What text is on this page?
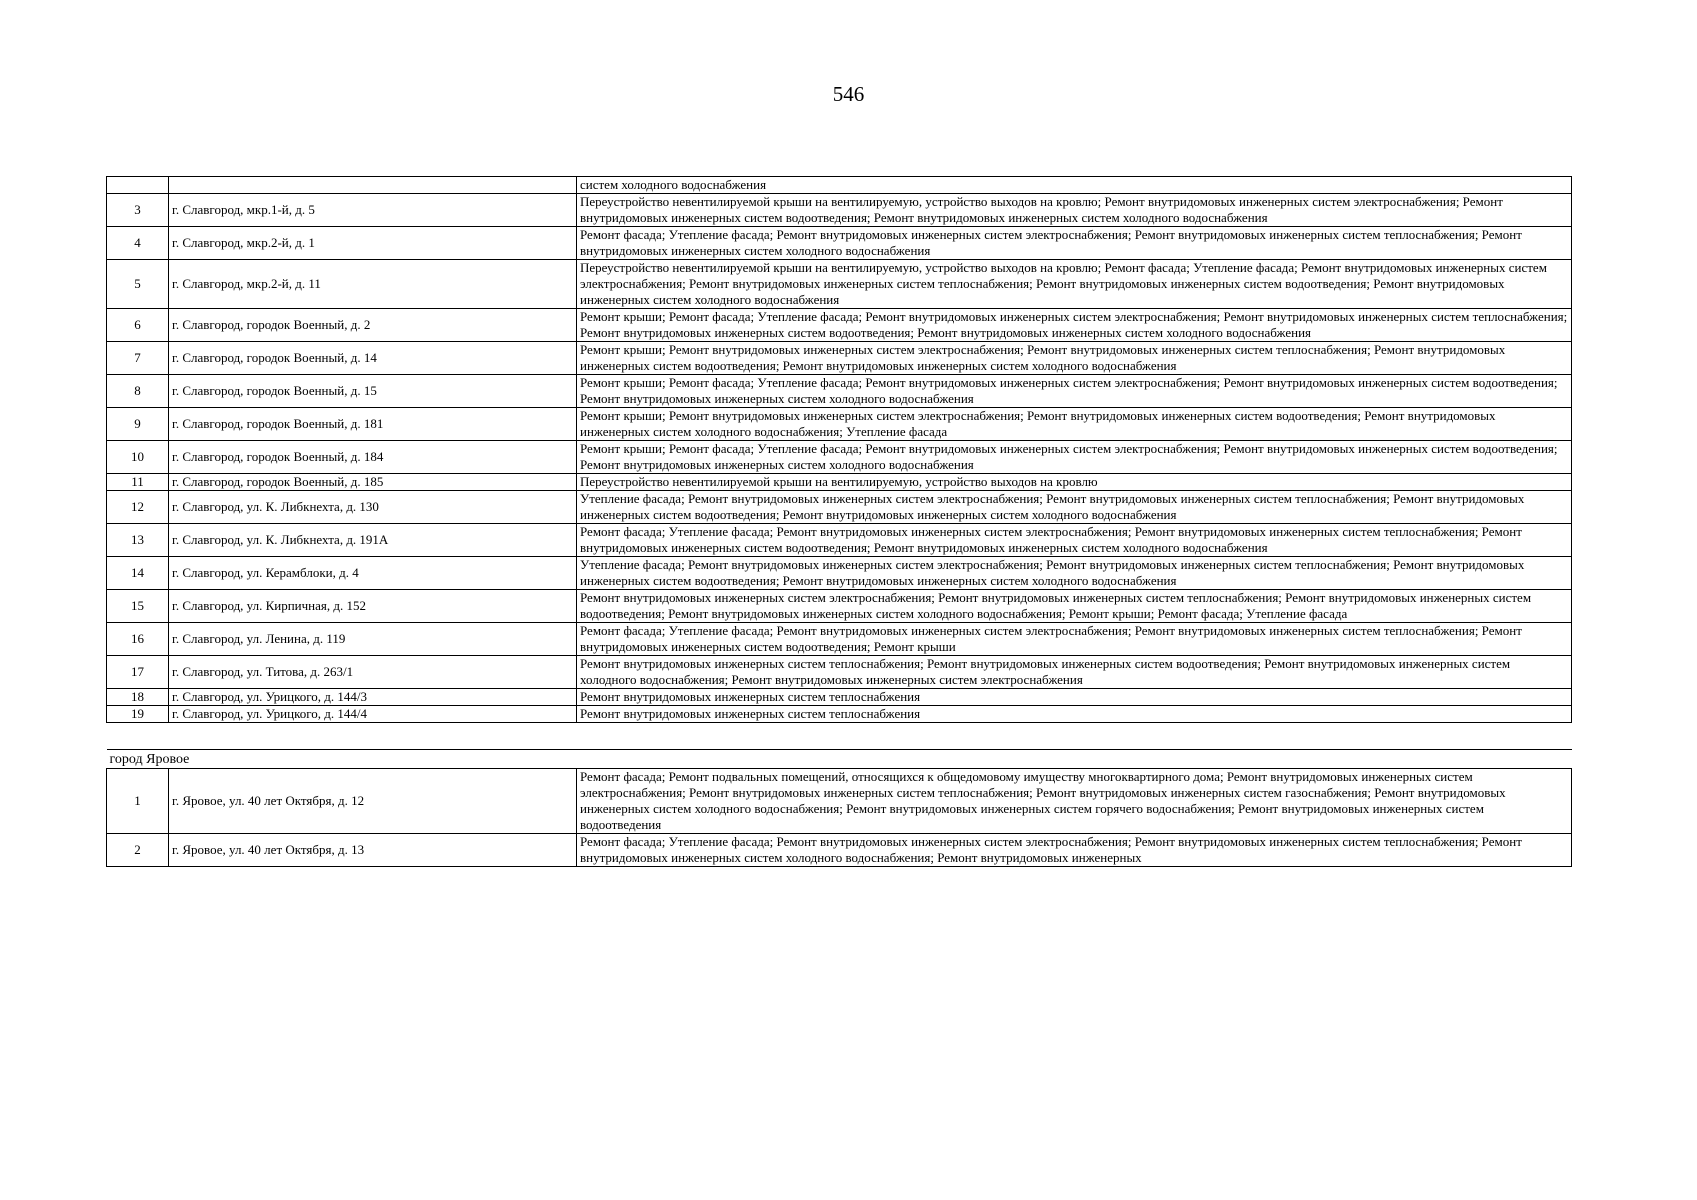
546
		систем холодного водоснабжения
3	г. Славгород, мкр.1-й, д. 5	Переустройство невентилируемой крыши на вентилируемую, устройство выходов на кровлю; Ремонт внутридомовых инженерных систем электроснабжения; Ремонт внутридомовых инженерных систем водоотведения; Ремонт внутридомовых инженерных систем холодного водоснабжения
4	г. Славгород, мкр.2-й, д. 1	Ремонт фасада; Утепление фасада; Ремонт внутридомовых инженерных систем электроснабжения; Ремонт внутридомовых инженерных систем теплоснабжения; Ремонт внутридомовых инженерных систем холодного водоснабжения
5	г. Славгород, мкр.2-й, д. 11	Переустройство невентилируемой крыши на вентилируемую, устройство выходов на кровлю; Ремонт фасада; Утепление фасада; Ремонт внутридомовых инженерных систем электроснабжения; Ремонт внутридомовых инженерных систем теплоснабжения; Ремонт внутридомовых инженерных систем водоотведения; Ремонт внутридомовых инженерных систем холодного водоснабжения
6	г. Славгород, городок Военный, д. 2	Ремонт крыши; Ремонт фасада; Утепление фасада; Ремонт внутридомовых инженерных систем электроснабжения; Ремонт внутридомовых инженерных систем теплоснабжения; Ремонт внутридомовых инженерных систем водоотведения; Ремонт внутридомовых инженерных систем холодного водоснабжения
7	г. Славгород, городок Военный, д. 14	Ремонт крыши; Ремонт внутридомовых инженерных систем электроснабжения; Ремонт внутридомовых инженерных систем теплоснабжения; Ремонт внутридомовых инженерных систем водоотведения; Ремонт внутридомовых инженерных систем холодного водоснабжения
8	г. Славгород, городок Военный, д. 15	Ремонт крыши; Ремонт фасада; Утепление фасада; Ремонт внутридомовых инженерных систем электроснабжения; Ремонт внутридомовых инженерных систем водоотведения; Ремонт внутридомовых инженерных систем холодного водоснабжения
9	г. Славгород, городок Военный, д. 181	Ремонт крыши; Ремонт внутридомовых инженерных систем электроснабжения; Ремонт внутридомовых инженерных систем водоотведения; Ремонт внутридомовых инженерных систем холодного водоснабжения; Утепление фасада
10	г. Славгород, городок Военный, д. 184	Ремонт крыши; Ремонт фасада; Утепление фасада; Ремонт внутридомовых инженерных систем электроснабжения; Ремонт внутридомовых инженерных систем водоотведения; Ремонт внутридомовых инженерных систем холодного водоснабжения
11	г. Славгород, городок Военный, д. 185	Переустройство невентилируемой крыши на вентилируемую, устройство выходов на кровлю
12	г. Славгород, ул. К. Либкнехта, д. 130	Утепление фасада; Ремонт внутридомовых инженерных систем электроснабжения; Ремонт внутридомовых инженерных систем теплоснабжения; Ремонт внутридомовых инженерных систем водоотведения; Ремонт внутридомовых инженерных систем холодного водоснабжения
13	г. Славгород, ул. К. Либкнехта, д. 191А	Ремонт фасада; Утепление фасада; Ремонт внутридомовых инженерных систем электроснабжения; Ремонт внутридомовых инженерных систем теплоснабжения; Ремонт внутридомовых инженерных систем водоотведения; Ремонт внутридомовых инженерных систем холодного водоснабжения
14	г. Славгород, ул. Керамблоки, д. 4	Утепление фасада; Ремонт внутридомовых инженерных систем электроснабжения; Ремонт внутридомовых инженерных систем теплоснабжения; Ремонт внутридомовых инженерных систем водоотведения; Ремонт внутридомовых инженерных систем холодного водоснабжения
15	г. Славгород, ул. Кирпичная, д. 152	Ремонт внутридомовых инженерных систем электроснабжения; Ремонт внутридомовых инженерных систем теплоснабжения; Ремонт внутридомовых инженерных систем водоотведения; Ремонт внутридомовых инженерных систем холодного водоснабжения; Ремонт крыши; Ремонт фасада; Утепление фасада
16	г. Славгород, ул. Ленина, д. 119	Ремонт фасада; Утепление фасада; Ремонт внутридомовых инженерных систем электроснабжения; Ремонт внутридомовых инженерных систем теплоснабжения; Ремонт внутридомовых инженерных систем водоотведения; Ремонт крыши
17	г. Славгород, ул. Титова, д. 263/1	Ремонт внутридомовых инженерных систем теплоснабжения; Ремонт внутридомовых инженерных систем водоотведения; Ремонт внутридомовых инженерных систем холодного водоснабжения; Ремонт внутридомовых инженерных систем электроснабжения
18	г. Славгород, ул. Урицкого, д. 144/3	Ремонт внутридомовых инженерных систем теплоснабжения
19	г. Славгород, ул. Урицкого, д. 144/4	Ремонт внутридомовых инженерных систем теплоснабжения

город Яровое		
1	г. Яровое, ул. 40 лет Октября, д. 12	Ремонт фасада; Ремонт подвальных помещений, относящихся к общедомовому имуществу многоквартирного дома; Ремонт внутридомовых инженерных систем электроснабжения; Ремонт внутридомовых инженерных систем теплоснабжения; Ремонт внутридомовых инженерных систем газоснабжения; Ремонт внутридомовых инженерных систем холодного водоснабжения; Ремонт внутридомовых инженерных систем горячего водоснабжения; Ремонт внутридомовых инженерных систем водоотведения
2	г. Яровое, ул. 40 лет Октября, д. 13	Ремонт фасада; Утепление фасада; Ремонт внутридомовых инженерных систем электроснабжения; Ремонт внутридомовых инженерных систем теплоснабжения; Ремонт внутридомовых инженерных систем холодного водоснабжения; Ремонт внутридомовых инженерных
